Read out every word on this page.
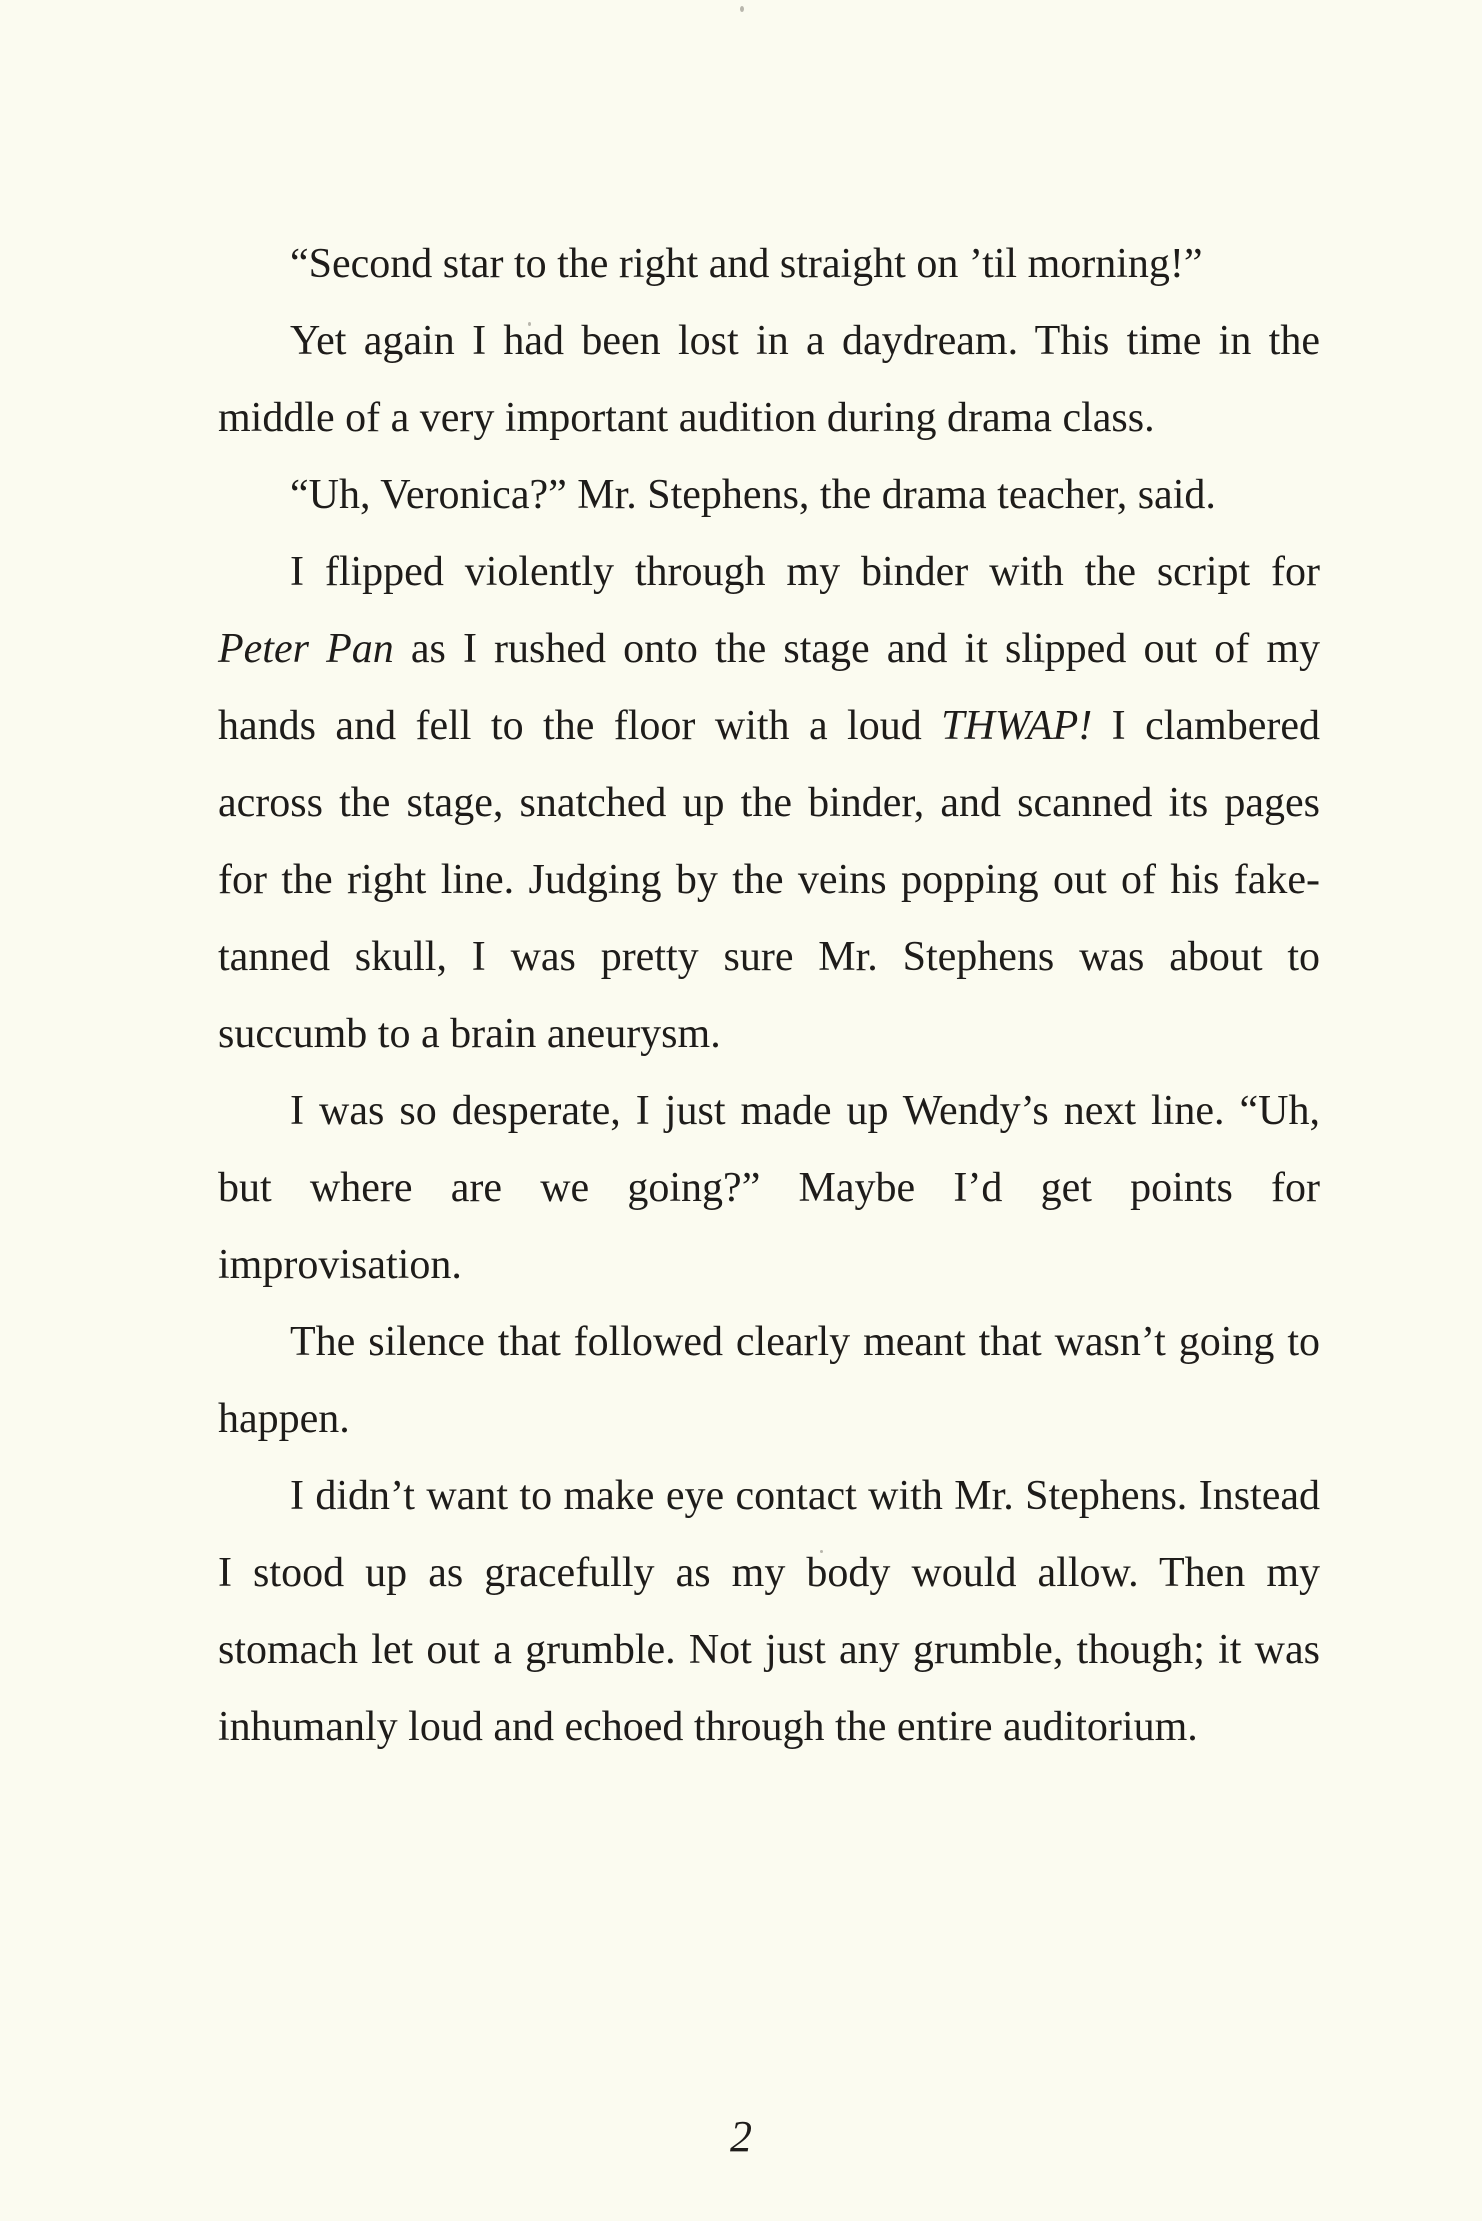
“Second star to the right and straight on ’til morning!”

Yet again I had been lost in a daydream. This time in the middle of a very important audition during drama class.

“Uh, Veronica?” Mr. Stephens, the drama teacher, said.

I flipped violently through my binder with the script for Peter Pan as I rushed onto the stage and it slipped out of my hands and fell to the floor with a loud THWAP! I clambered across the stage, snatched up the binder, and scanned its pages for the right line. Judging by the veins popping out of his fake-tanned skull, I was pretty sure Mr. Stephens was about to succumb to a brain aneurysm.

I was so desperate, I just made up Wendy’s next line. “Uh, but where are we going?” Maybe I’d get points for improvisation.

The silence that followed clearly meant that wasn’t going to happen.

I didn’t want to make eye contact with Mr. Stephens. Instead I stood up as gracefully as my body would allow. Then my stomach let out a grumble. Not just any grumble, though; it was inhumanly loud and echoed through the entire auditorium.

2
